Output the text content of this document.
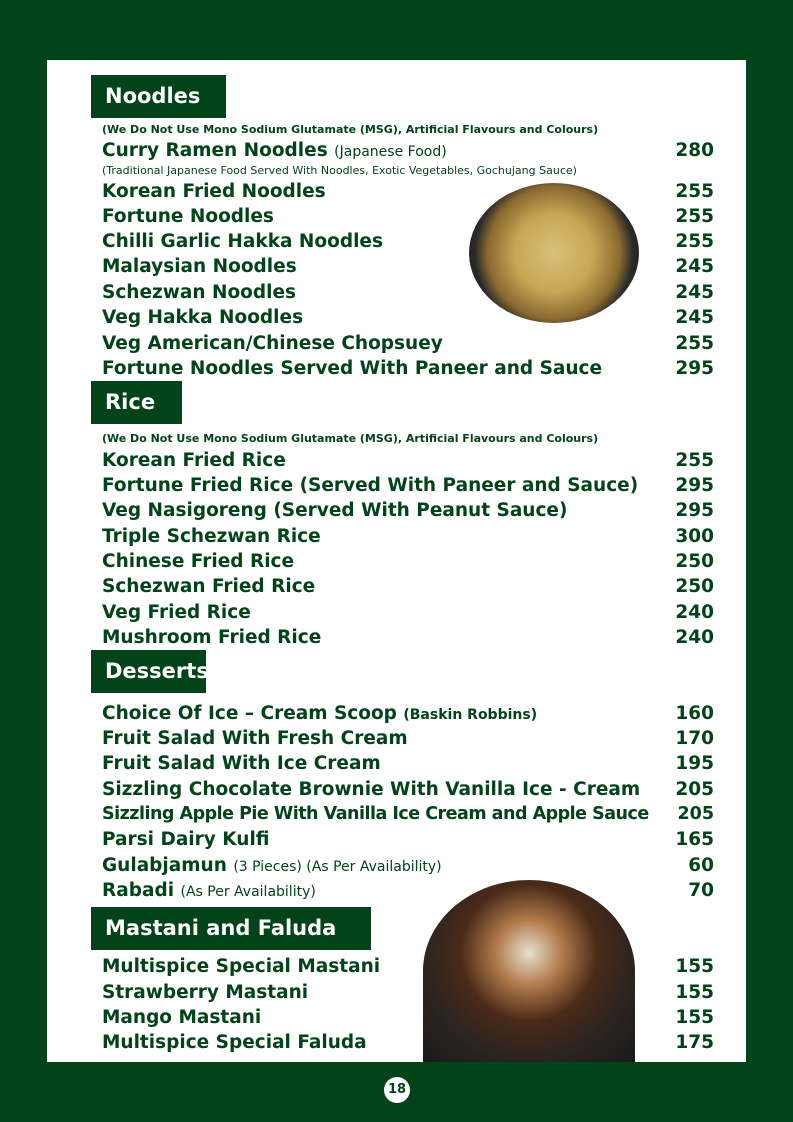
Noodles
(We Do Not Use Mono Sodium Glutamate (MSG), Artificial Flavours and Colours)
Curry Ramen Noodles (Japanese Food)	280
(Traditional Japanese Food Served With Noodles, Exotic Vegetables, Gochujang Sauce)
Korean Fried Noodles	255
Fortune Noodles	255
Chilli Garlic Hakka Noodles	255
Malaysian Noodles	245
Schezwan Noodles	245
Veg Hakka Noodles	245
Veg American/Chinese Chopsuey	255
Fortune Noodles Served With Paneer and Sauce	295
Rice
(We Do Not Use Mono Sodium Glutamate (MSG), Artificial Flavours and Colours)
Korean Fried Rice	255
Fortune Fried Rice (Served With Paneer and Sauce) 295
Veg Nasigoreng (Served With Peanut Sauce)	295
Triple Schezwan Rice	300
Chinese Fried Rice	250
Schezwan Fried Rice	250
Veg Fried Rice	240
Mushroom Fried Rice	240
Desserts
Choice Of Ice – Cream Scoop (Baskin Robbins)	160
Fruit Salad With Fresh Cream	170
Fruit Salad With Ice Cream	195
Sizzling Chocolate Brownie With Vanilla Ice - Cream 205
Sizzling Apple Pie With Vanilla Ice Cream and Apple Sauce 205
Parsi Dairy Kulfi	165
Gulabjamun (3 Pieces) (As Per Availability)	60
Rabadi (As Per Availability)	70
Mastani and Faluda
Multispice Special Mastani	155
Strawberry Mastani	155
Mango Mastani	155
Multispice Special Faluda	175
18
